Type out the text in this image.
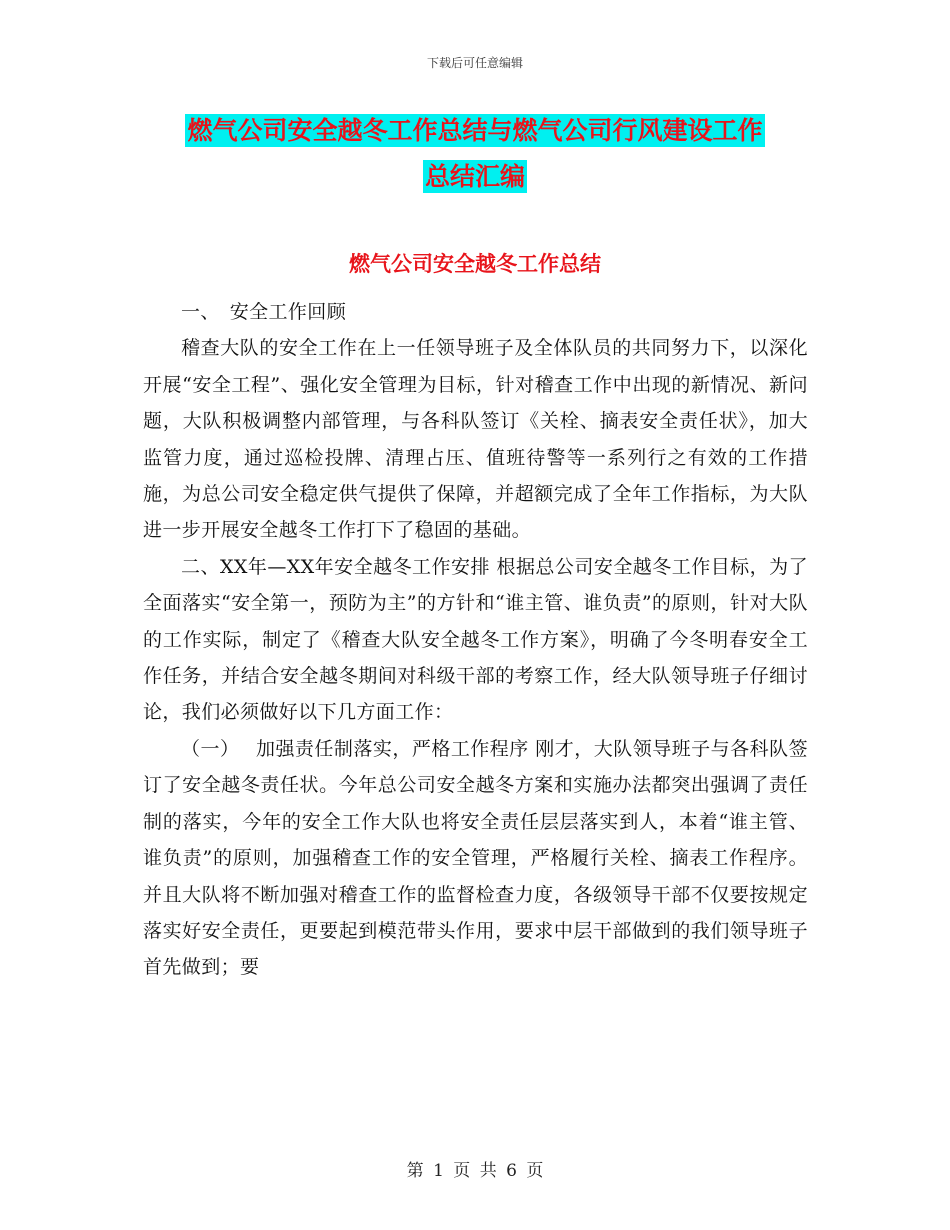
下载后可任意编辑
燃气公司安全越冬工作总结与燃气公司行风建设工作
总结汇编
燃气公司安全越冬工作总结

一、　安全工作回顾

稽查大队的安全工作在上一任领导班子及全体队员的共同努力下，以深化开展“安全工程”、强化安全管理为目标，针对稽查工作中出现的新情况、新问题，大队积极调整内部管理，与各科队签订《关栓、摘表安全责任状》，加大监管力度，通过巡检投牌、清理占压、值班待警等一系列行之有效的工作措施，为总公司安全稳定供气提供了保障，并超额完成了全年工作指标，为大队进一步开展安全越冬工作打下了稳固的基础。

二、XX年—XX年安全越冬工作安排 根据总公司安全越冬工作目标，为了全面落实“安全第一，预防为主”的方针和“谁主管、谁负责”的原则，针对大队的工作实际，制定了《稽查大队安全越冬工作方案》，明确了今冬明春安全工作任务，并结合安全越冬期间对科级干部的考察工作，经大队领导班子仔细讨论，我们必须做好以下几方面工作：

（一）　 加强责任制落实，严格工作程序 刚才，大队领导班子与各科队签订了安全越冬责任状。今年总公司安全越冬方案和实施办法都突出强调了责任制的落实，今年的安全工作大队也将安全责任层层落实到人，本着“谁主管、谁负责”的原则，加强稽查工作的安全管理，严格履行关栓、摘表工作程序。并且大队将不断加强对稽查工作的监督检查力度，各级领导干部不仅要按规定落实好安全责任，更要起到模范带头作用，要求中层干部做到的我们领导班子首先做到；要

第 1 页 共 6 页
